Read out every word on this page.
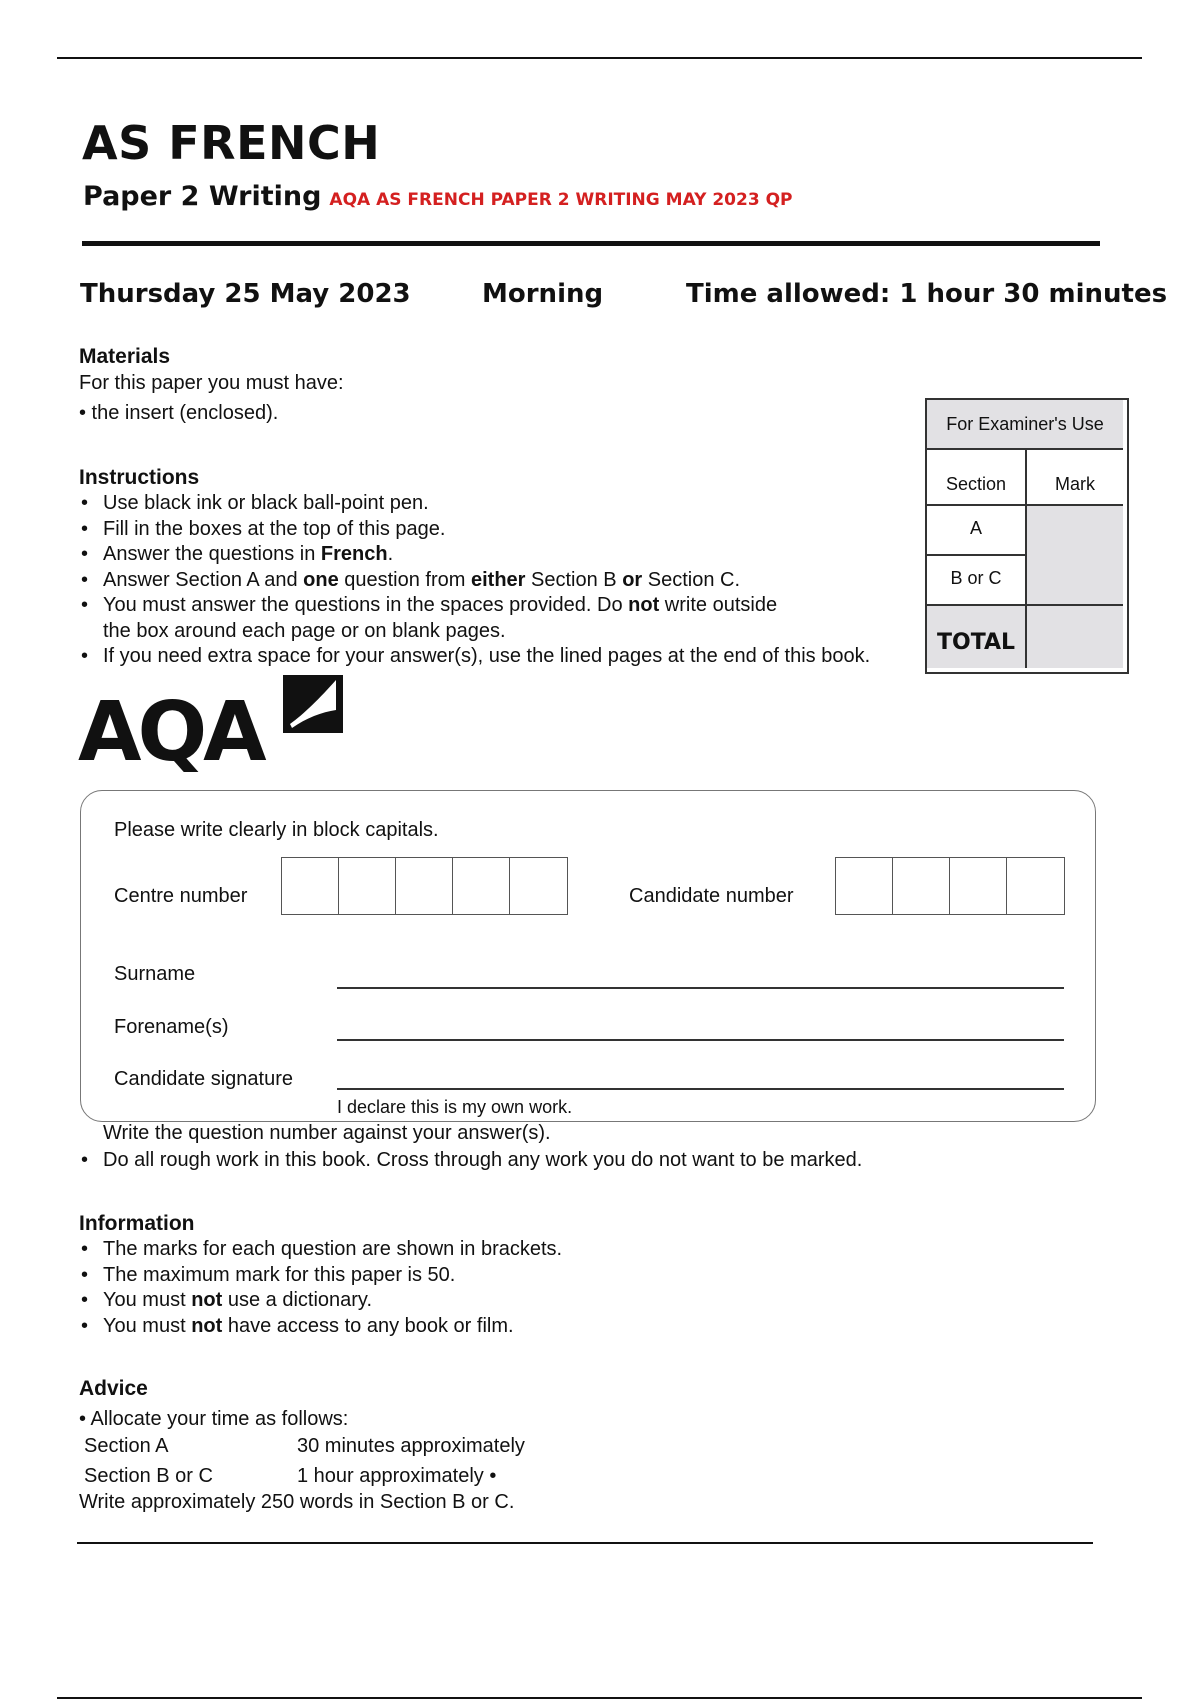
AS FRENCH
Paper 2 Writing AQA AS FRENCH PAPER 2 WRITING MAY 2023 QP
Thursday 25 May 2023	Morning	Time allowed: 1 hour 30 minutes
Materials
For this paper you must have:
• the insert (enclosed).
Instructions
• Use black ink or black ball-point pen.
• Fill in the boxes at the top of this page.
• Answer the questions in French.
• Answer Section A and one question from either Section B or Section C.
• You must answer the questions in the spaces provided. Do not write outside
the box around each page or on blank pages.
• If you need extra space for your answer(s), use the lined pages at the end of this book.
For Examiner's Use
Section	Mark
A
B or C
TOTAL
AQA
Please write clearly in block capitals.
Centre number	Candidate number
Surname
Forename(s)
Candidate signature
I declare this is my own work.
Write the question number against your answer(s).
• Do all rough work in this book. Cross through any work you do not want to be marked.
Information
• The marks for each question are shown in brackets.
• The maximum mark for this paper is 50.
• You must not use a dictionary.
• You must not have access to any book or film.
Advice
• Allocate your time as follows:
Section A	30 minutes approximately
Section B or C	1 hour approximately •
Write approximately 250 words in Section B or C.
